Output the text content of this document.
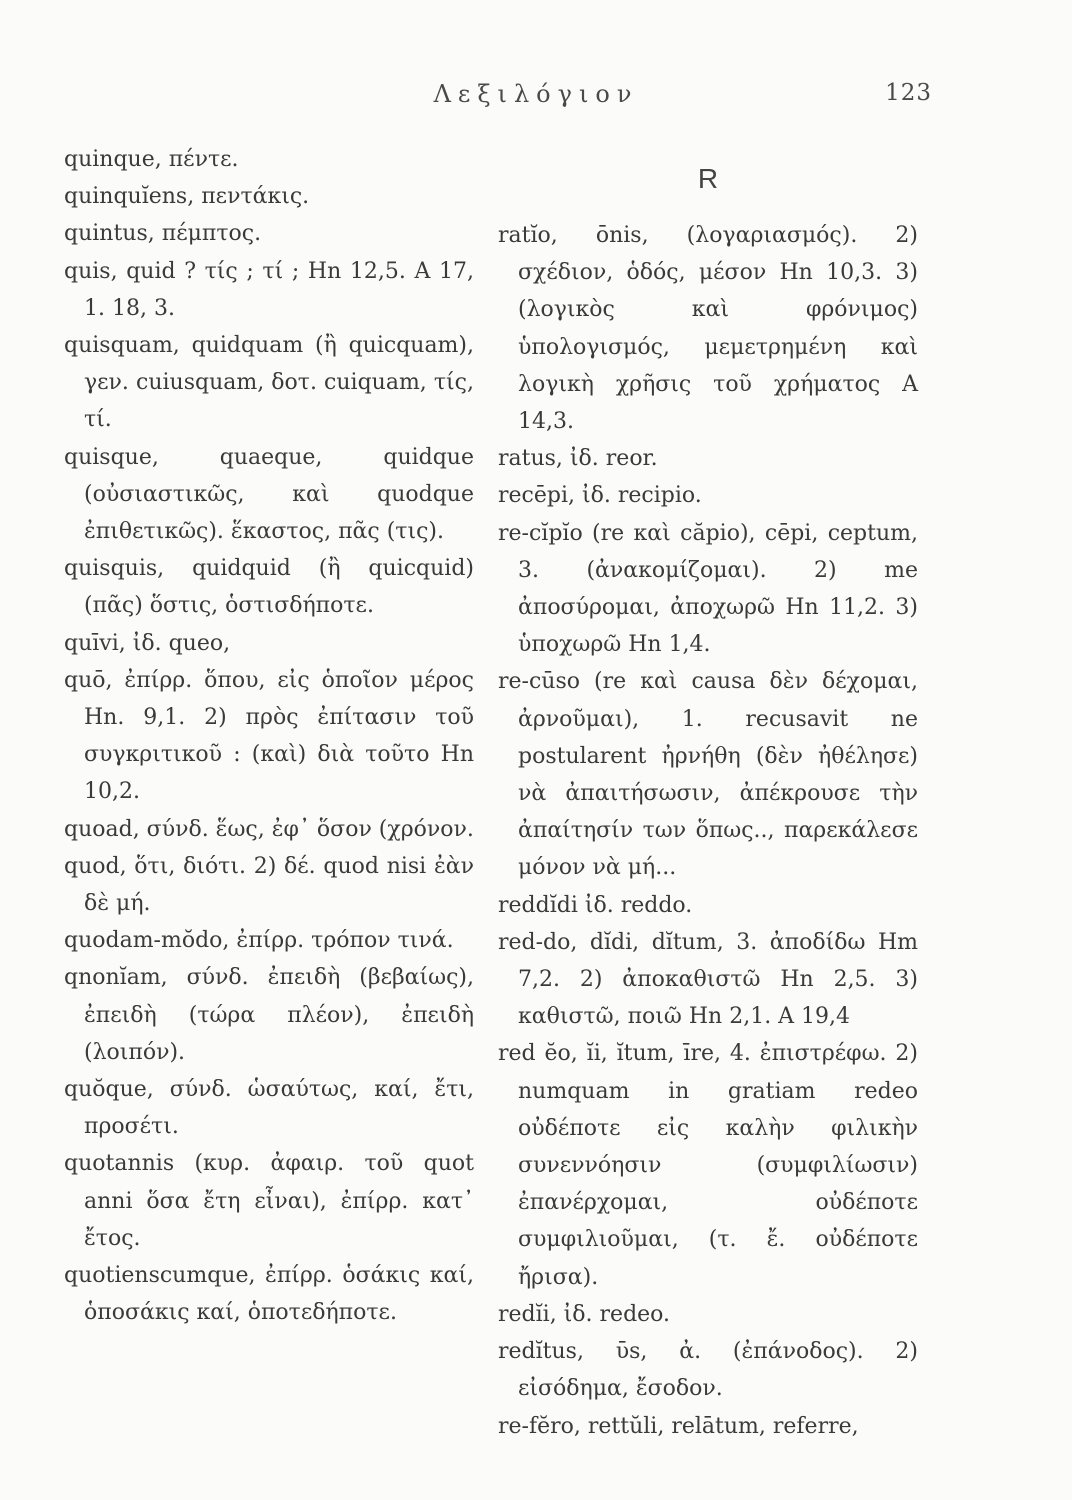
Λεξιλόγιον	123

quinque, πέντε.

quinquĭens, πεντάκις.

quintus, πέμπτος.

quis, quid ? τίς ; τί ; Hn 12,5. A 17, 1. 18, 3.

quisquam, quidquam (ἢ quicquam), γεν. cuiusquam, δοτ. cuiquam, τίς, τί.

quisque, quaeque, quidque (οὐσιαστικῶς, καὶ quodque ἐπιθετικῶς). ἕκαστος, πᾶς (τις).

quisquis, quidquid (ἢ quicquid) (πᾶς) ὅστις, ὁστισδήποτε.

quīvi, ἰδ. queo,

quō, ἐπίρρ. ὅπου, εἰς ὁποῖον μέρος Hn. 9,1. 2) πρὸς ἐπίτασιν τοῦ συγκριτικοῦ : (καὶ) διὰ τοῦτο Hn 10,2.

quoad, σύνδ. ἕως, ἐφ᾽ ὅσον (χρόνον.

quod, ὅτι, διότι. 2) δέ. quod nisi ἐὰν δὲ μή.

quodam-mŏdo, ἐπίρρ. τρόπον τινά.

qnonĭam, σύνδ. ἐπειδὴ (βεβαίως), ἐπειδὴ (τώρα πλέον), ἐπειδὴ (λοιπόν).

quŏque, σύνδ. ὡσαύτως, καί, ἔτι, προσέτι.

quotannis (κυρ. ἀφαιρ. τοῦ quot anni ὅσα ἔτη εἶναι), ἐπίρρ. κατ᾽ ἔτος.

quotienscumque, ἐπίρρ. ὁσάκις καί, ὁποσάκις καί, ὁποτεδήποτε.

R

ratĭo, ōnis, (λογαριασμός). 2) σχέδιον, ὁδός, μέσον Hn 10,3. 3) (λογικὸς καὶ φρόνιμος) ὑπολογισμός, μεμετρημένη καὶ λογικὴ χρῆσις τοῦ χρήματος A 14,3.

ratus, ἰδ. reor.

recēpi, ἰδ. recipio.

re-cĭpĭo (re καὶ căpio), cēpi, ceptum, 3. (ἀνακομίζομαι). 2) me ἀποσύρομαι, ἀποχωρῶ Hn 11,2. 3) ὑποχωρῶ Hn 1,4.

re-cūso (re καὶ causa δὲν δέχομαι, ἀρνοῦμαι), 1. recusavit ne postularent ἠρνήθη (δὲν ἠθέλησε) νὰ ἀπαιτήσωσιν, ἀπέκρουσε τὴν ἀπαίτησίν των ὅπως.., παρεκάλεσε μόνον νὰ μή...

reddĭdi ἰδ. reddo.

red-do, dĭdi, dĭtum, 3. ἀποδίδω Hm 7,2. 2) ἀποκαθιστῶ Hn 2,5. 3) καθιστῶ, ποιῶ Hn 2,1. A 19,4

red ĕo, ĭi, ĭtum, īre, 4. ἐπιστρέφω. 2) numquam in gratiam redeo οὐδέποτε εἰς καλὴν φιλικὴν συνεννόησιν (συμφιλίωσιν) ἐπανέρχομαι, οὐδέποτε συμφιλιοῦμαι, (τ. ἔ. οὐδέποτε ἤρισα).

redĭi, ἰδ. redeo.

redĭtus, ῡs, ἀ. (ἐπάνοδος). 2) εἰσόδημα, ἔσοδον.

re-fĕro, rettŭli, relātum, referre,
